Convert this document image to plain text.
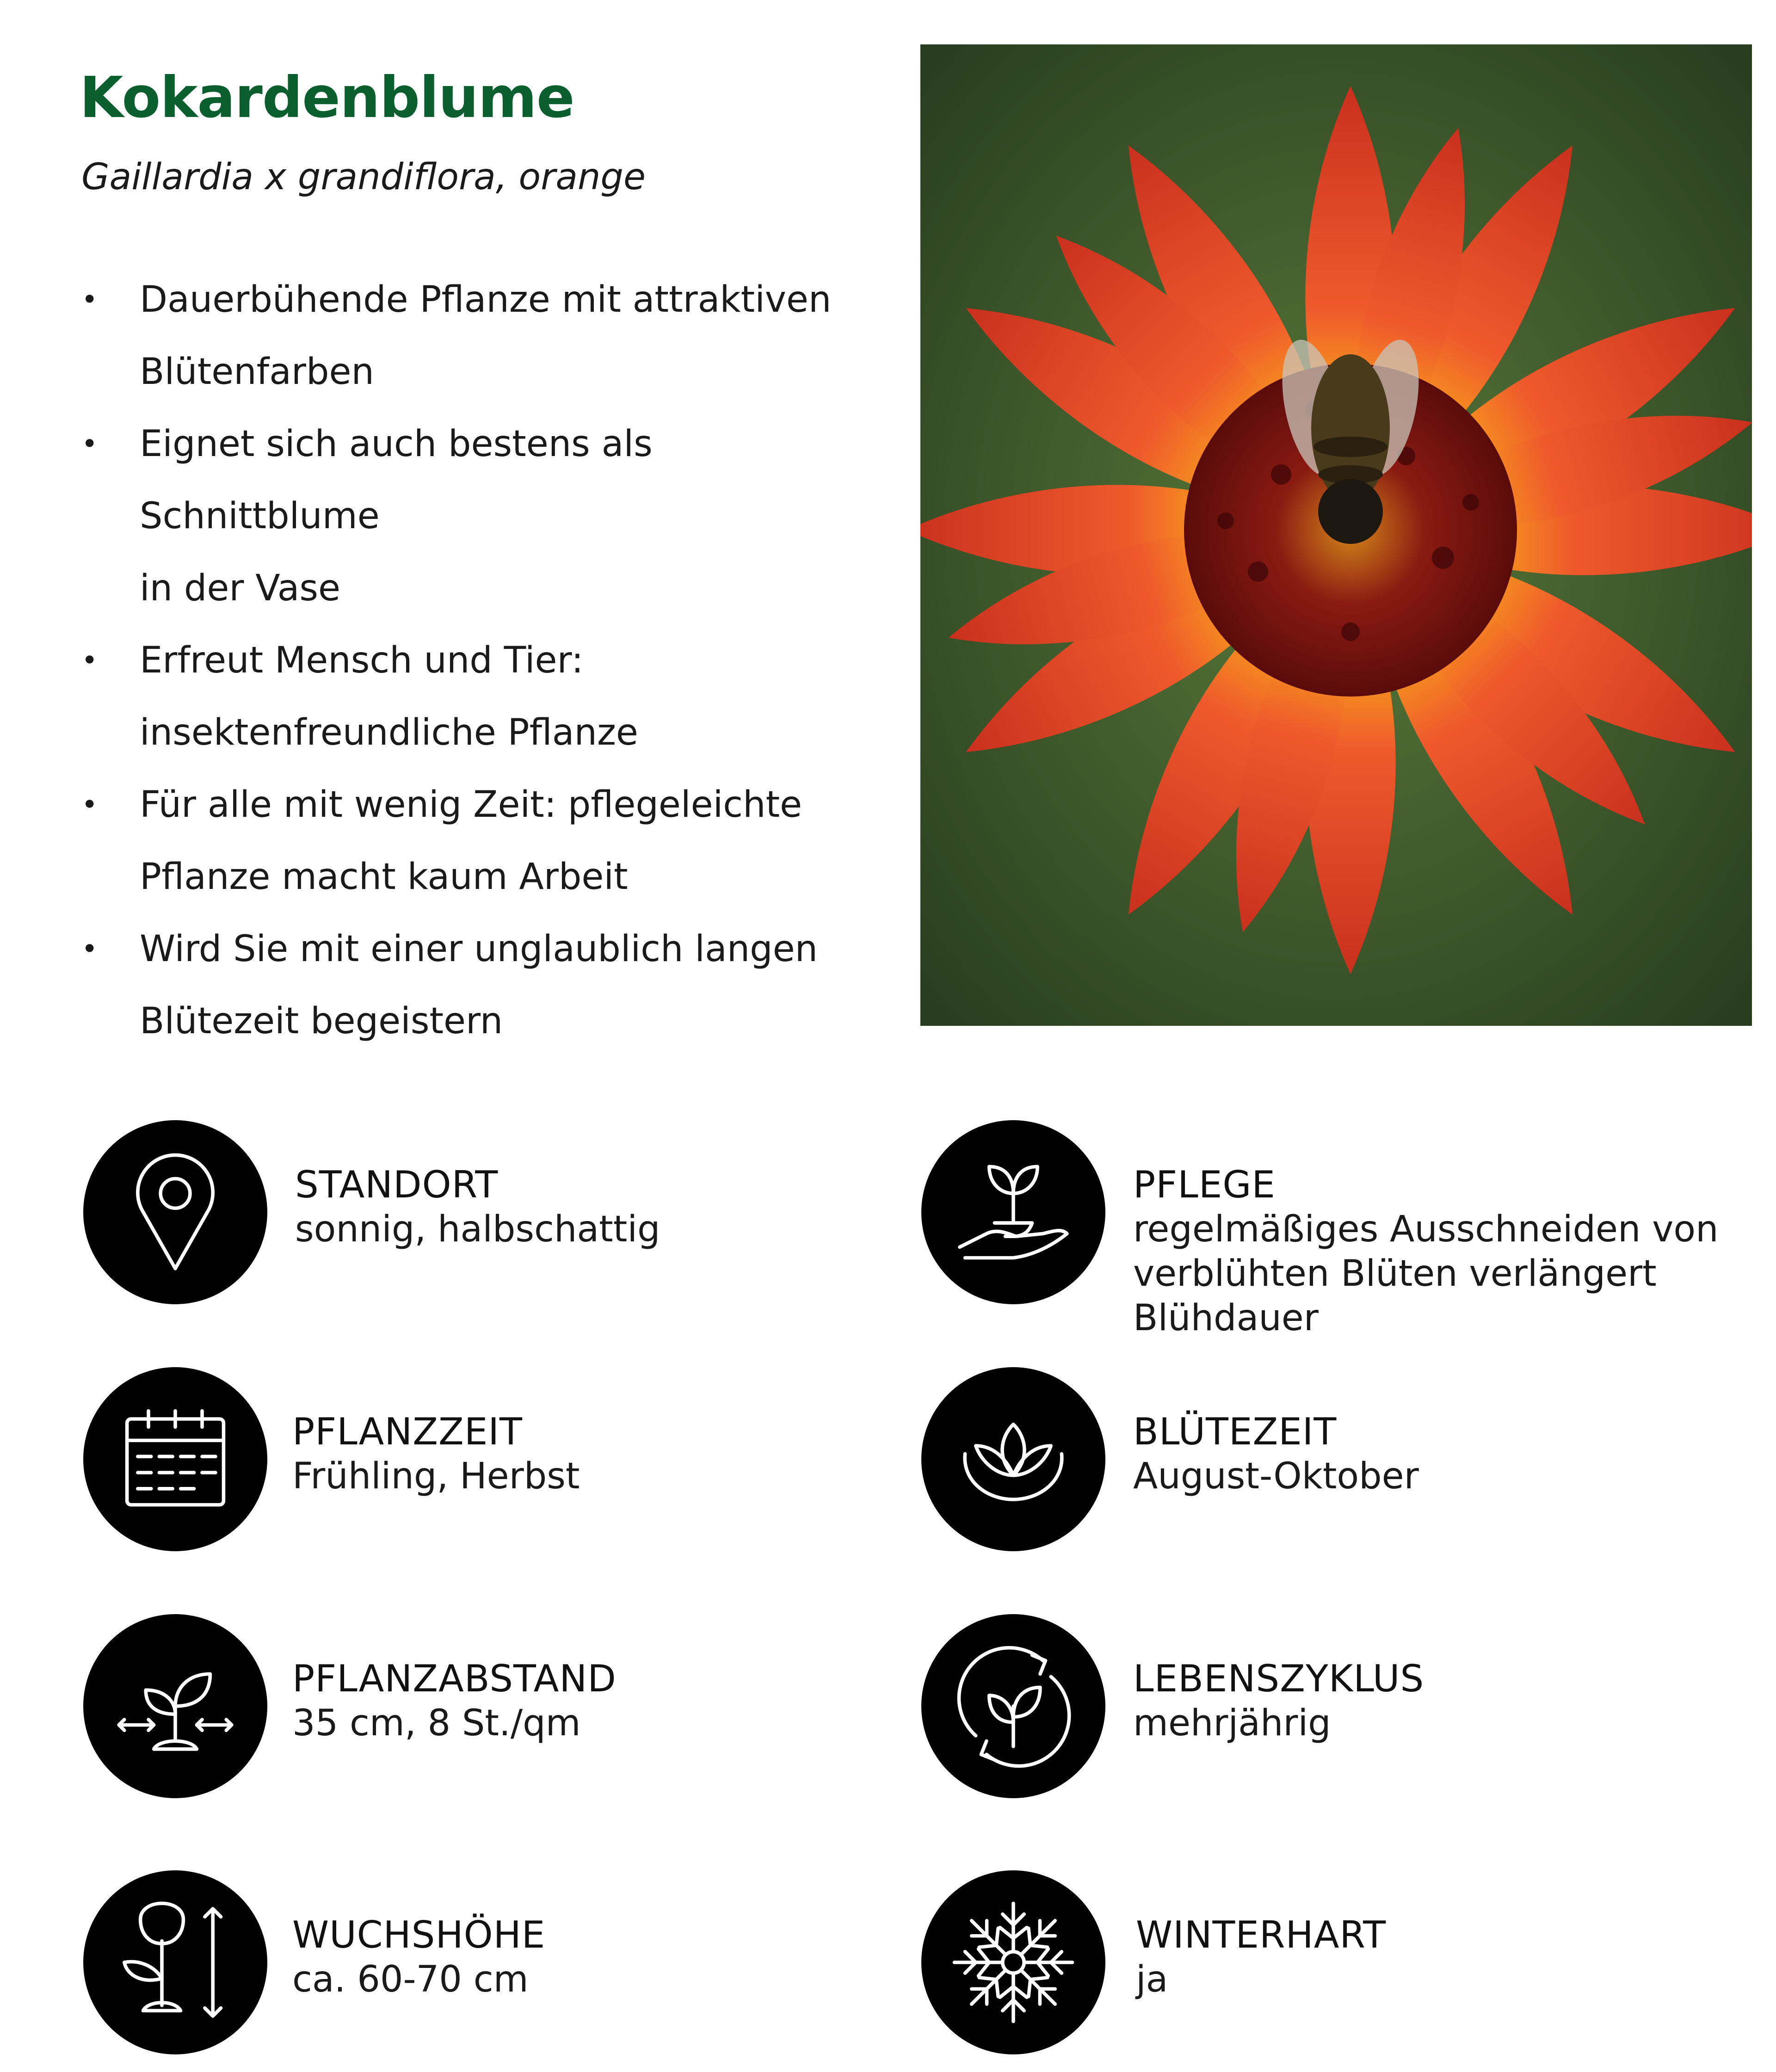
Kokardenblume
Gaillardia x grandiflora, orange
• Dauerbühende Pflanze mit attraktiven
Blütenfarben
• Eignet sich auch bestens als Schnittblume
in der Vase
• Erfreut Mensch und Tier:
insektenfreundliche Pflanze
• Für alle mit wenig Zeit: pflegeleichte
Pflanze macht kaum Arbeit
• Wird Sie mit einer unglaublich langen
Blütezeit begeistern
STANDORT
sonnig, halbschattig
PFLEGE
regelmäßiges Ausschneiden von verblühten Blüten verlängert Blühdauer
PFLANZZEIT
Frühling, Herbst
BLÜTEZEIT
August-Oktober
PFLANZABSTAND
35 cm, 8 St./qm
LEBENSZYKLUS
mehrjährig
WUCHSHÖHE
ca. 60-70 cm
WINTERHART
ja
